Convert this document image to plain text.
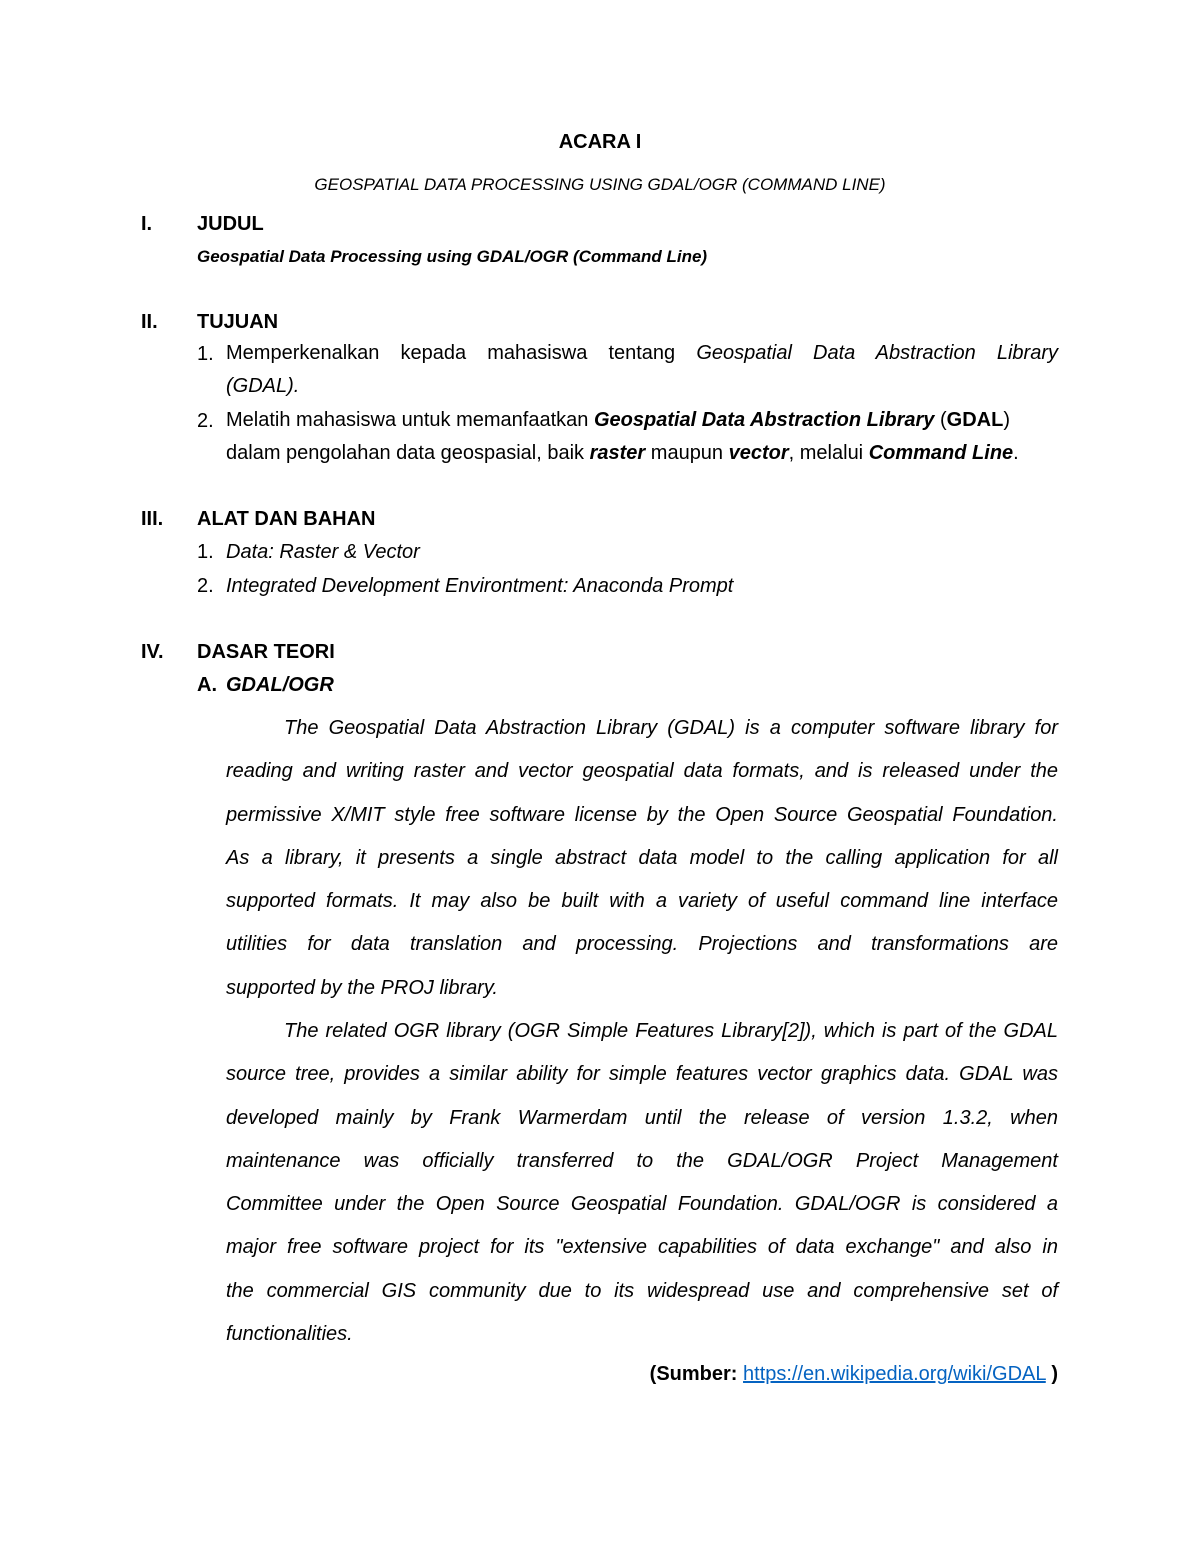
ACARA I
GEOSPATIAL DATA PROCESSING USING GDAL/OGR (COMMAND LINE)
I. JUDUL
Geospatial Data Processing using GDAL/OGR (Command Line)
II. TUJUAN
1. Memperkenalkan kepada mahasiswa tentang Geospatial Data Abstraction Library
(GDAL).
2. Melatih mahasiswa untuk memanfaatkan Geospatial Data Abstraction Library (GDAL)
dalam pengolahan data geospasial, baik raster maupun vector, melalui Command Line.
III. ALAT DAN BAHAN
1. Data: Raster & Vector
2. Integrated Development Environtment: Anaconda Prompt
IV. DASAR TEORI
A. GDAL/OGR
The Geospatial Data Abstraction Library (GDAL) is a computer software library for
reading and writing raster and vector geospatial data formats, and is released under the
permissive X/MIT style free software license by the Open Source Geospatial Foundation.
As a library, it presents a single abstract data model to the calling application for all
supported formats. It may also be built with a variety of useful command line interface
utilities for data translation and processing. Projections and transformations are
supported by the PROJ library.
The related OGR library (OGR Simple Features Library[2]), which is part of the GDAL
source tree, provides a similar ability for simple features vector graphics data. GDAL was
developed mainly by Frank Warmerdam until the release of version 1.3.2, when
maintenance was officially transferred to the GDAL/OGR Project Management
Committee under the Open Source Geospatial Foundation. GDAL/OGR is considered a
major free software project for its "extensive capabilities of data exchange" and also in
the commercial GIS community due to its widespread use and comprehensive set of
functionalities.
(Sumber: https://en.wikipedia.org/wiki/GDAL )
